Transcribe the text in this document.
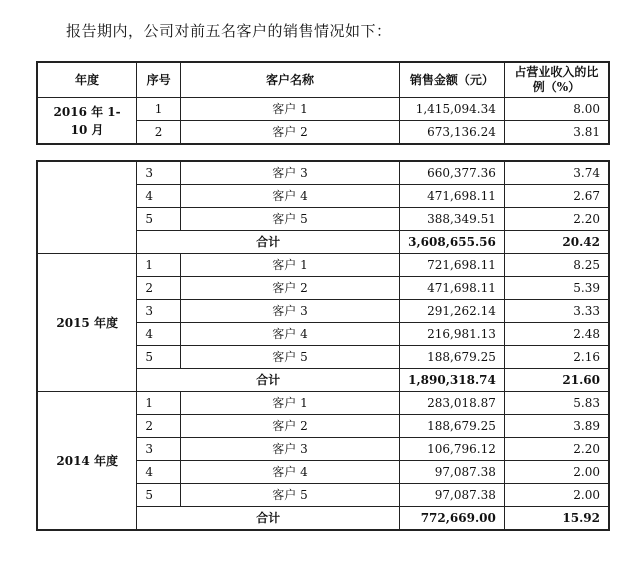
报告期内，公司对前五名客户的销售情况如下：
年度	序号	客户名称	销售金额（元）	占营业收入的比例（%）
2016 年 1-10 月	1	客户 1	1,415,094.34	8.00
	2	客户 2	673,136.24	3.81
	3	客户 3	660,377.36	3.74
	4	客户 4	471,698.11	2.67
	5	客户 5	388,349.51	2.20
	合计		3,608,655.56	20.42
2015 年度	1	客户 1	721,698.11	8.25
	2	客户 2	471,698.11	5.39
	3	客户 3	291,262.14	3.33
	4	客户 4	216,981.13	2.48
	5	客户 5	188,679.25	2.16
	合计		1,890,318.74	21.60
2014 年度	1	客户 1	283,018.87	5.83
	2	客户 2	188,679.25	3.89
	3	客户 3	106,796.12	2.20
	4	客户 4	97,087.38	2.00
	5	客户 5	97,087.38	2.00
	合计		772,669.00	15.92
